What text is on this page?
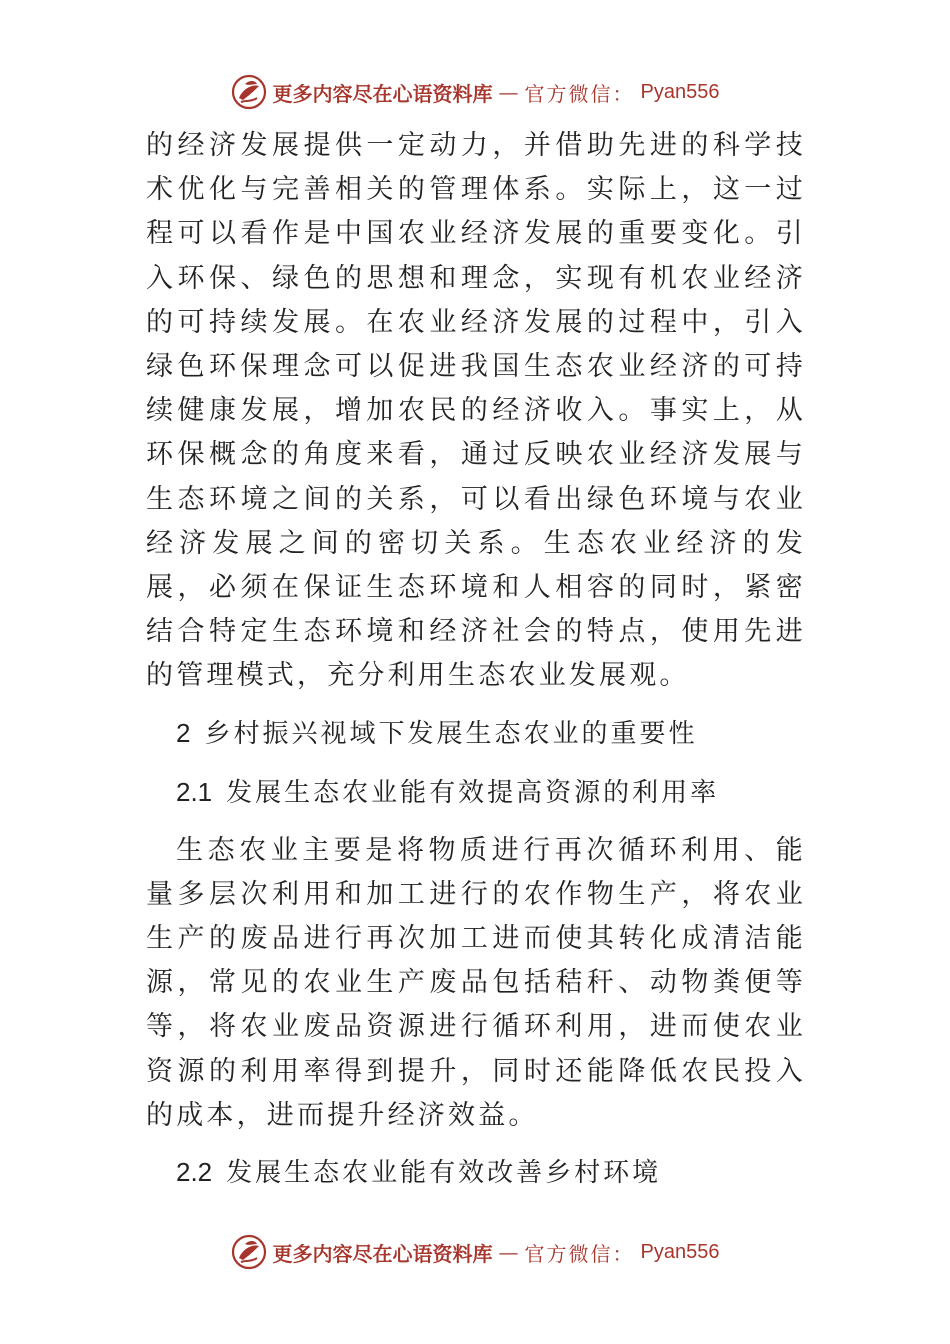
更多内容尽在心语资料库 — 官方微信： Pyan556

的经济发展提供一定动力，并借助先进的科学技术优化与完善相关的管理体系。实际上，这一过程可以看作是中国农业经济发展的重要变化。引入环保、绿色的思想和理念，实现有机农业经济的可持续发展。在农业经济发展的过程中，引入绿色环保理念可以促进我国生态农业经济的可持续健康发展，增加农民的经济收入。事实上，从环保概念的角度来看，通过反映农业经济发展与生态环境之间的关系，可以看出绿色环境与农业经济发展之间的密切关系。生态农业经济的发展，必须在保证生态环境和人相容的同时，紧密结合特定生态环境和经济社会的特点，使用先进的管理模式，充分利用生态农业发展观。

2 乡村振兴视域下发展生态农业的重要性

2.1 发展生态农业能有效提高资源的利用率

生态农业主要是将物质进行再次循环利用、能量多层次利用和加工进行的农作物生产，将农业生产的废品进行再次加工进而使其转化成清洁能源，常见的农业生产废品包括秸秆、动物粪便等等，将农业废品资源进行循环利用，进而使农业资源的利用率得到提升，同时还能降低农民投入的成本，进而提升经济效益。

2.2 发展生态农业能有效改善乡村环境

更多内容尽在心语资料库 — 官方微信： Pyan556
